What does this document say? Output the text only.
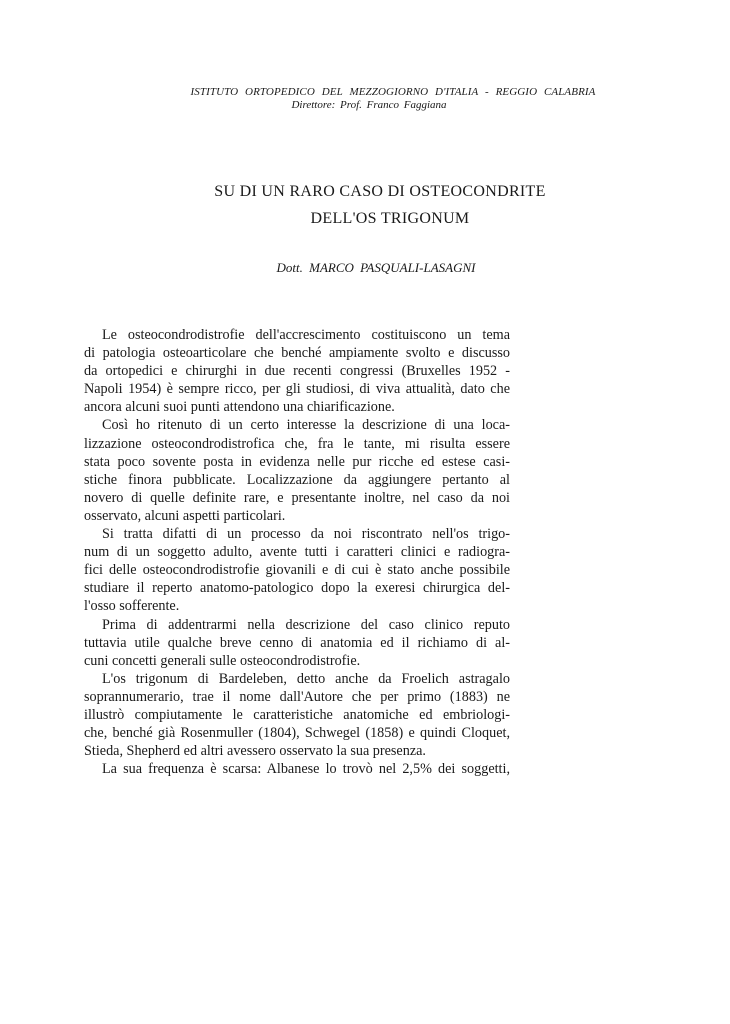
ISTITUTO ORTOPEDICO DEL MEZZOGIORNO D'ITALIA - REGGIO CALABRIA
Direttore: Prof. Franco Faggiana
SU DI UN RARO CASO DI OSTEOCONDRITE
DELL'OS TRIGONUM
Dott. MARCO PASQUALI-LASAGNI
Le osteocondrodistrofie dell'accrescimento costituiscono un tema
di patologia osteoarticolare che benché ampiamente svolto e discusso
da ortopedici e chirurghi in due recenti congressi (Bruxelles 1952 -
Napoli 1954) è sempre ricco, per gli studiosi, di viva attualità, dato che
ancora alcuni suoi punti attendono una chiarificazione.
Così ho ritenuto di un certo interesse la descrizione di una loca-
lizzazione osteocondrodistrofica che, fra le tante, mi risulta essere
stata poco sovente posta in evidenza nelle pur ricche ed estese casi-
stiche finora pubblicate. Localizzazione da aggiungere pertanto al
novero di quelle definite rare, e presentante inoltre, nel caso da noi
osservato, alcuni aspetti particolari.
Si tratta difatti di un processo da noi riscontrato nell'os trigo-
num di un soggetto adulto, avente tutti i caratteri clinici e radiogra-
fici delle osteocondrodistrofie giovanili e di cui è stato anche possibile
studiare il reperto anatomo-patologico dopo la exeresi chirurgica del-
l'osso sofferente.
Prima di addentrarmi nella descrizione del caso clinico reputo
tuttavia utile qualche breve cenno di anatomia ed il richiamo di al-
cuni concetti generali sulle osteocondrodistrofie.
L'os trigonum di Bardeleben, detto anche da Froelich astragalo
soprannumerario, trae il nome dall'Autore che per primo (1883) ne
illustrò compiutamente le caratteristiche anatomiche ed embriologi-
che, benché già Rosenmuller (1804), Schwegel (1858) e quindi Cloquet,
Stieda, Shepherd ed altri avessero osservato la sua presenza.
La sua frequenza è scarsa: Albanese lo trovò nel 2,5% dei soggetti,
